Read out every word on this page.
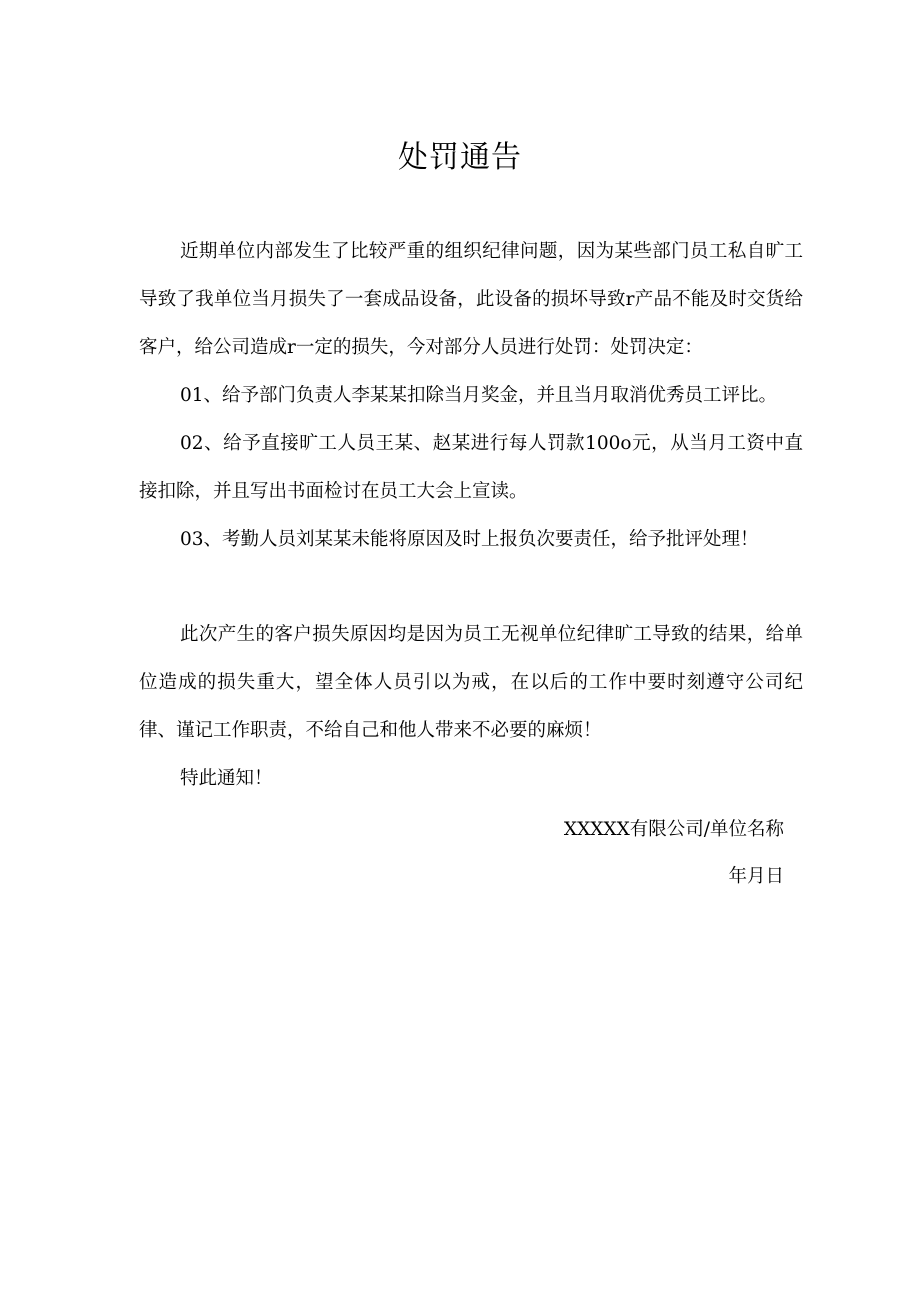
处罚通告

近期单位内部发生了比较严重的组织纪律问题，因为某些部门员工私自旷工导致了我单位当月损失了一套成品设备，此设备的损坏导致r产品不能及时交货给客户，给公司造成r一定的损失，今对部分人员进行处罚：处罚决定：

01、给予部门负责人李某某扣除当月奖金，并且当月取消优秀员工评比。

02、给予直接旷工人员王某、赵某进行每人罚款100o元，从当月工资中直接扣除，并且写出书面检讨在员工大会上宣读。

03、考勤人员刘某某未能将原因及时上报负次要责任，给予批评处理！

此次产生的客户损失原因均是因为员工无视单位纪律旷工导致的结果，给单位造成的损失重大，望全体人员引以为戒，在以后的工作中要时刻遵守公司纪律、谨记工作职责，不给自己和他人带来不必要的麻烦！

特此通知！

XXXXX有限公司/单位名称

年月日
